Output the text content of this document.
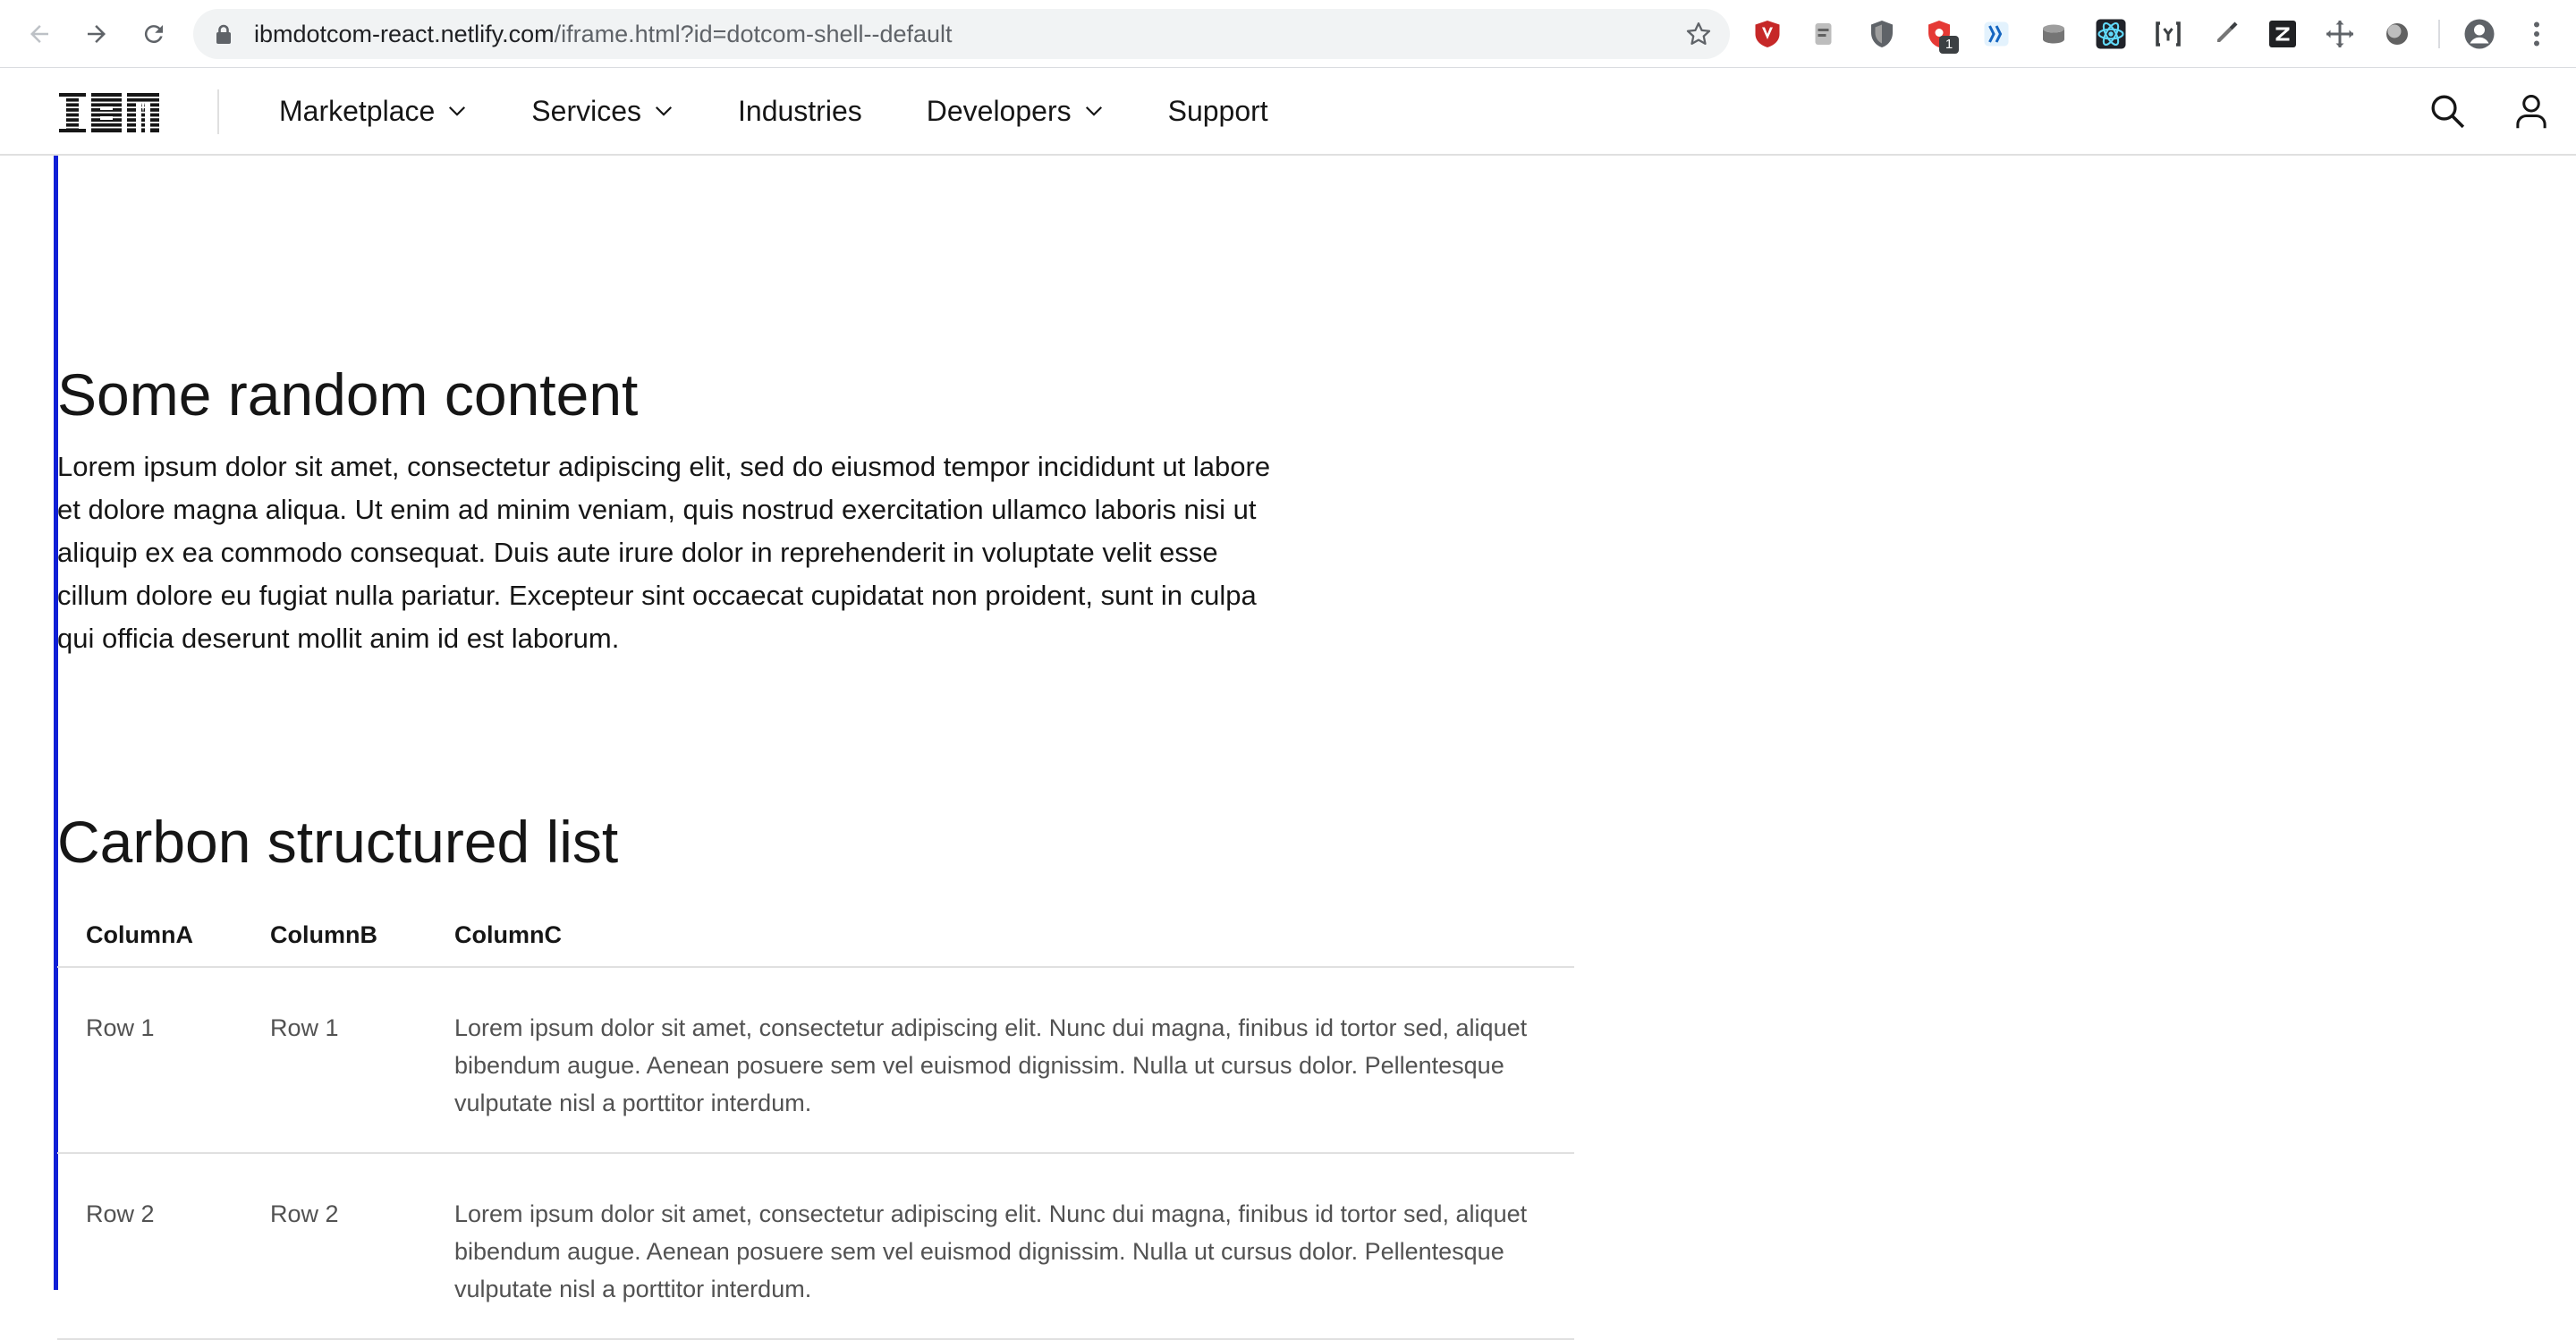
ibmdotcom-react.netlify.com/iframe.html?id=dotcom-shell--default	1
Marketplace	Services	Industries Developers	Support
Some random content

Lorem ipsum dolor sit amet, consectetur adipiscing elit, sed do eiusmod tempor incididunt ut labore et dolore magna aliqua. Ut enim ad minim veniam, quis nostrud exercitation ullamco laboris nisi ut aliquip ex ea commodo consequat. Duis aute irure dolor in reprehenderit in voluptate velit esse cillum dolore eu fugiat nulla pariatur. Excepteur sint occaecat cupidatat non proident, sunt in culpa qui officia deserunt mollit anim id est laborum.

Carbon structured list
ColumnA	ColumnB	ColumnC
Row 1	Row 1	Lorem ipsum dolor sit amet, consectetur adipiscing elit. Nunc dui magna, finibus id tortor sed, aliquet bibendum augue. Aenean posuere sem vel euismod dignissim. Nulla ut cursus dolor. Pellentesque vulputate nisl a porttitor interdum.
Row 2	Row 2	Lorem ipsum dolor sit amet, consectetur adipiscing elit. Nunc dui magna, finibus id tortor sed, aliquet bibendum augue. Aenean posuere sem vel euismod dignissim. Nulla ut cursus dolor. Pellentesque vulputate nisl a porttitor interdum.
